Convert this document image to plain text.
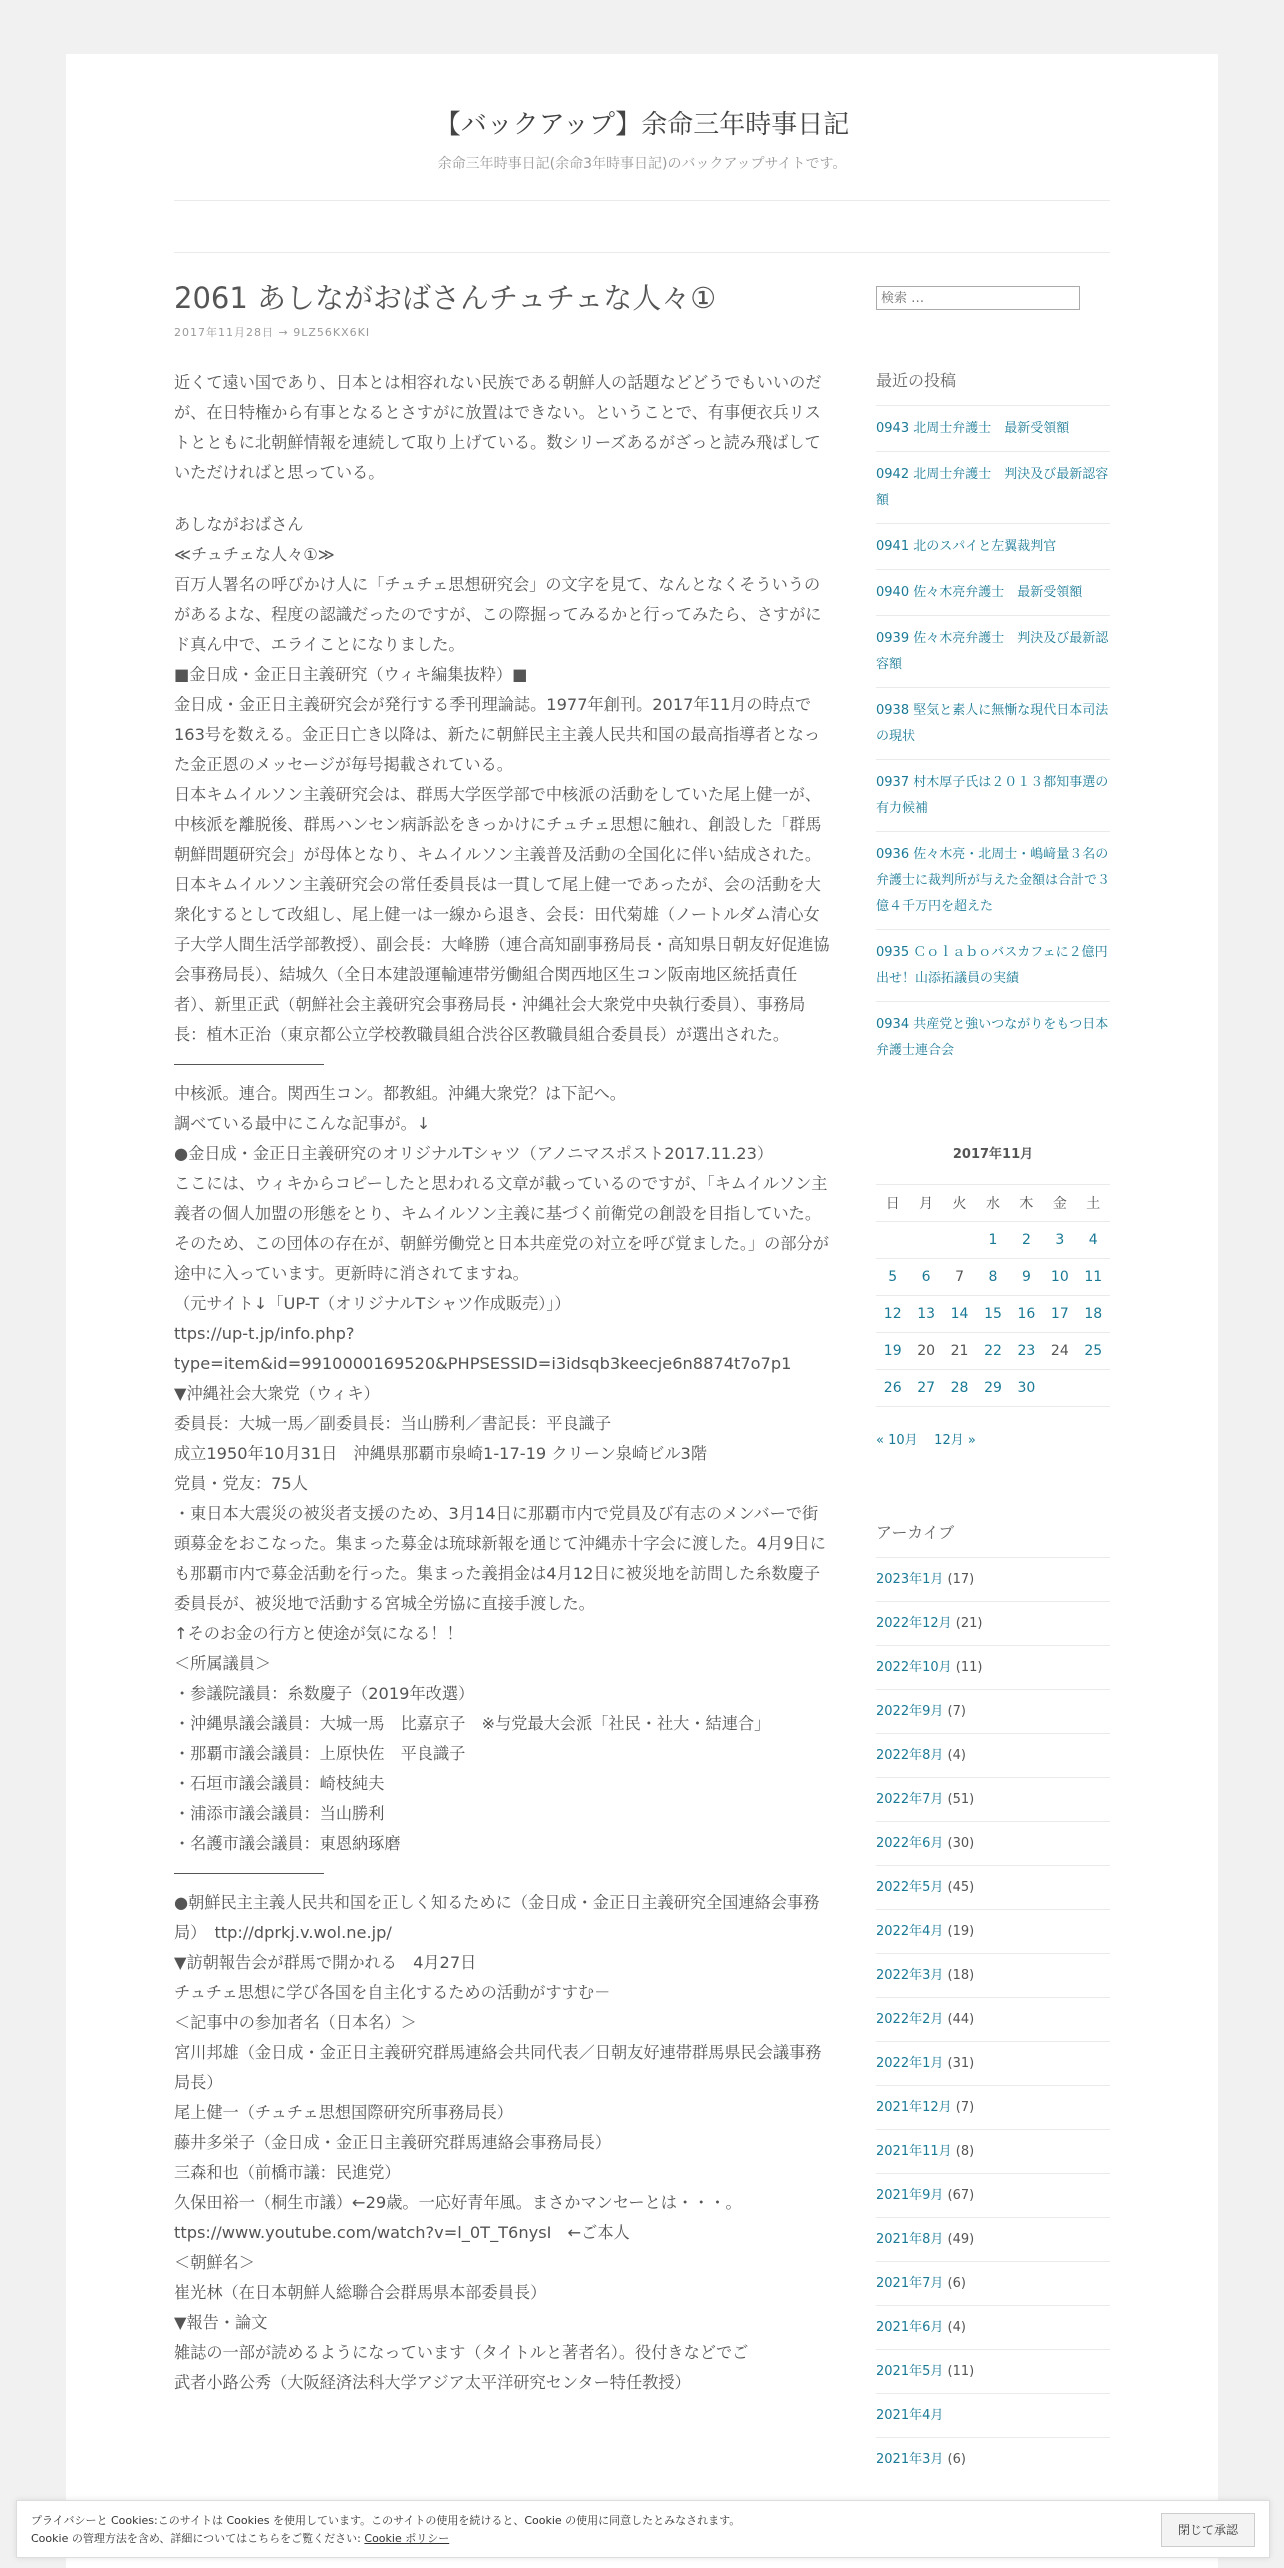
【バックアップ】余命三年時事日記
余命三年時事日記(余命3年時事日記)のバックアップサイトです。
2061 あしながおばさんチュチェな人々①
2017年11月28日 → 9LZ56KX6KI

近くて遠い国であり、日本とは相容れない民族である朝鮮人の話題などどうでもいいのだが、在日特権から有事となるとさすがに放置はできない。ということで、有事便衣兵リストとともに北朝鮮情報を連続して取り上げている。数シリーズあるがざっと読み飛ばしていただければと思っている。

あしながおばさん
≪チュチェな人々①≫
百万人署名の呼びかけ人に「チュチェ思想研究会」の文字を見て、なんとなくそういうのがあるよな、程度の認識だったのですが、この際掘ってみるかと行ってみたら、さすがにド真ん中で、エライことになりました。
■金日成・金正日主義研究（ウィキ編集抜粋）■
金日成・金正日主義研究会が発行する季刊理論誌。1977年創刊。2017年11月の時点で163号を数える。金正日亡き以降は、新たに朝鮮民主主義人民共和国の最高指導者となった金正恩のメッセージが毎号掲載されている。
日本キムイルソン主義研究会は、群馬大学医学部で中核派の活動をしていた尾上健一が、中核派を離脱後、群馬ハンセン病訴訟をきっかけにチュチェ思想に触れ、創設した「群馬朝鮮問題研究会」が母体となり、キムイルソン主義普及活動の全国化に伴い結成された。
日本キムイルソン主義研究会の常任委員長は一貫して尾上健一であったが、会の活動を大衆化するとして改組し、尾上健一は一線から退き、会長：田代菊雄（ノートルダム清心女子大学人間生活学部教授）、副会長：大峰勝（連合高知副事務局長・高知県日朝友好促進協会事務局長）、結城久（全日本建設運輸連帯労働組合関西地区生コン阪南地区統括責任者）、新里正武（朝鮮社会主義研究会事務局長・沖縄社会大衆党中央執行委員）、事務局長：植木正治（東京都公立学校教職員組合渋谷区教職員組合委員長）が選出された。
中核派。連合。関西生コン。都教組。沖縄大衆党？は下記へ。
調べている最中にこんな記事が。↓
●金日成・金正日主義研究のオリジナルTシャツ（アノニマスポスト2017.11.23）
ここには、ウィキからコピーしたと思われる文章が載っているのですが、「キムイルソン主義者の個人加盟の形態をとり、キムイルソン主義に基づく前衛党の創設を目指していた。そのため、この団体の存在が、朝鮮労働党と日本共産党の対立を呼び覚ました。」の部分が途中に入っています。更新時に消されてますね。
（元サイト↓「UP-T（オリジナルTシャツ作成販売）」）
ttps://up-t.jp/info.php?type=item&id=9910000169520&PHPSESSID=i3idsqb3keecje6n8874t7o7p1
▼沖縄社会大衆党（ウィキ）
委員長：大城一馬／副委員長：当山勝利／書記長：平良識子
成立1950年10月31日　沖縄県那覇市泉崎1-17-19 クリーン泉崎ビル3階
党員・党友：75人
・東日本大震災の被災者支援のため、3月14日に那覇市内で党員及び有志のメンバーで街頭募金をおこなった。集まった募金は琉球新報を通じて沖縄赤十字会に渡した。4月9日にも那覇市内で募金活動を行った。集まった義捐金は4月12日に被災地を訪問した糸数慶子委員長が、被災地で活動する宮城全労協に直接手渡した。
↑そのお金の行方と使途が気になる！！
＜所属議員＞
・参議院議員：糸数慶子（2019年改選）
・沖縄県議会議員：大城一馬　比嘉京子　※与党最大会派「社民・社大・結連合」
・那覇市議会議員：上原快佐　平良識子
・石垣市議会議員：崎枝純夫
・浦添市議会議員：当山勝利
・名護市議会議員：東恩納琢磨
●朝鮮民主主義人民共和国を正しく知るために（金日成・金正日主義研究全国連絡会事務局）　ttp://dprkj.v.wol.ne.jp/
▼訪朝報告会が群馬で開かれる　4月27日
チュチェ思想に学び各国を自主化するための活動がすすむ－
＜記事中の参加者名（日本名）＞
宮川邦雄（金日成・金正日主義研究群馬連絡会共同代表／日朝友好連帯群馬県民会議事務局長）
尾上健一（チュチェ思想国際研究所事務局長）
藤井多栄子（金日成・金正日主義研究群馬連絡会事務局長）
三森和也（前橋市議：民進党）
久保田裕一（桐生市議）←29歳。一応好青年風。まさかマンセーとは・・・。
ttps://www.youtube.com/watch?v=l_0T_T6nysI　←ご本人
＜朝鮮名＞
崔光林（在日本朝鮮人総聯合会群馬県本部委員長）
▼報告・論文
雑誌の一部が読めるようになっています（タイトルと著者名）。役付きなどでご
武者小路公秀（大阪経済法科大学アジア太平洋研究センター特任教授）
検索 …
最近の投稿
0943 北周士弁護士　最新受領額
0942 北周士弁護士　判決及び最新認容額
0941 北のスパイと左翼裁判官
0940 佐々木亮弁護士　最新受領額
0939 佐々木亮弁護士　判決及び最新認容額
0938 堅気と素人に無慚な現代日本司法の現状
0937 村木厚子氏は２０１３都知事選の有力候補
0936 佐々木亮・北周士・嶋﨑量３名の弁護士に裁判所が与えた金額は合計で３億４千万円を超えた
0935 Ｃｏｌａｂｏバスカフェに２億円出せ！山添拓議員の実績
0934 共産党と強いつながりをもつ日本弁護士連合会
2017年11月
日	月	火	水	木	金	土
			1	2	3	4
5	6	7	8	9	10	11
12	13	14	15	16	17	18
19	20	21	22	23	24	25
26	27	28	29	30		
« 10月 12月 »
アーカイブ
2023年1月 (17)
2022年12月 (21)
2022年10月 (11)
2022年9月 (7)
2022年8月 (4)
2022年7月 (51)
2022年6月 (30)
2022年5月 (45)
2022年4月 (19)
2022年3月 (18)
2022年2月 (44)
2022年1月 (31)
2021年12月 (7)
2021年11月 (8)
2021年9月 (67)
2021年8月 (49)
2021年7月 (6)
2021年6月 (4)
2021年5月 (11)
2021年4月
2021年3月 (6)
プライバシーと Cookies:このサイトは Cookies を使用しています。このサイトの使用を続けると、Cookie の使用に同意したとみなされます。
Cookie の管理方法を含め、詳細についてはこちらをご覧ください: Cookie ポリシー
閉じて承認
